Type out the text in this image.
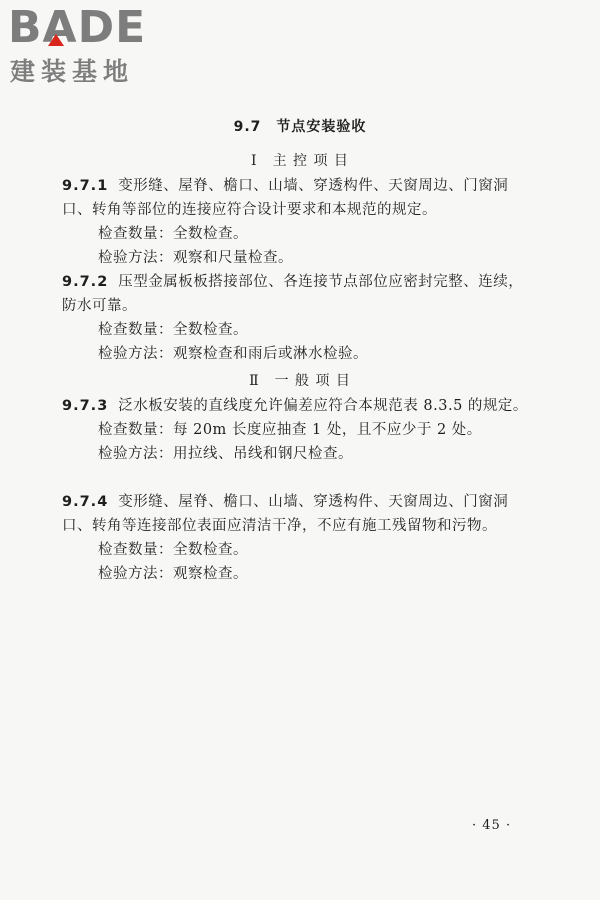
BADE
建装基地
9.7　节点安装验收
Ⅰ　主 控 项 目

9.7.1 变形缝、屋脊、檐口、山墙、穿透构件、天窗周边、门窗洞口、转角等部位的连接应符合设计要求和本规范的规定。

检查数量：全数检查。

检验方法：观察和尺量检查。

9.7.2 压型金属板板搭接部位、各连接节点部位应密封完整、连续，防水可靠。

检查数量：全数检查。

检验方法：观察检查和雨后或淋水检验。

Ⅱ　一 般 项 目

9.7.3 泛水板安装的直线度允许偏差应符合本规范表 8.3.5 的规定。

检查数量：每 20m 长度应抽查 1 处，且不应少于 2 处。

检验方法：用拉线、吊线和钢尺检查。

9.7.4 变形缝、屋脊、檐口、山墙、穿透构件、天窗周边、门窗洞口、转角等连接部位表面应清洁干净，不应有施工残留物和污物。

检查数量：全数检查。

检验方法：观察检查。

· 45 ·
